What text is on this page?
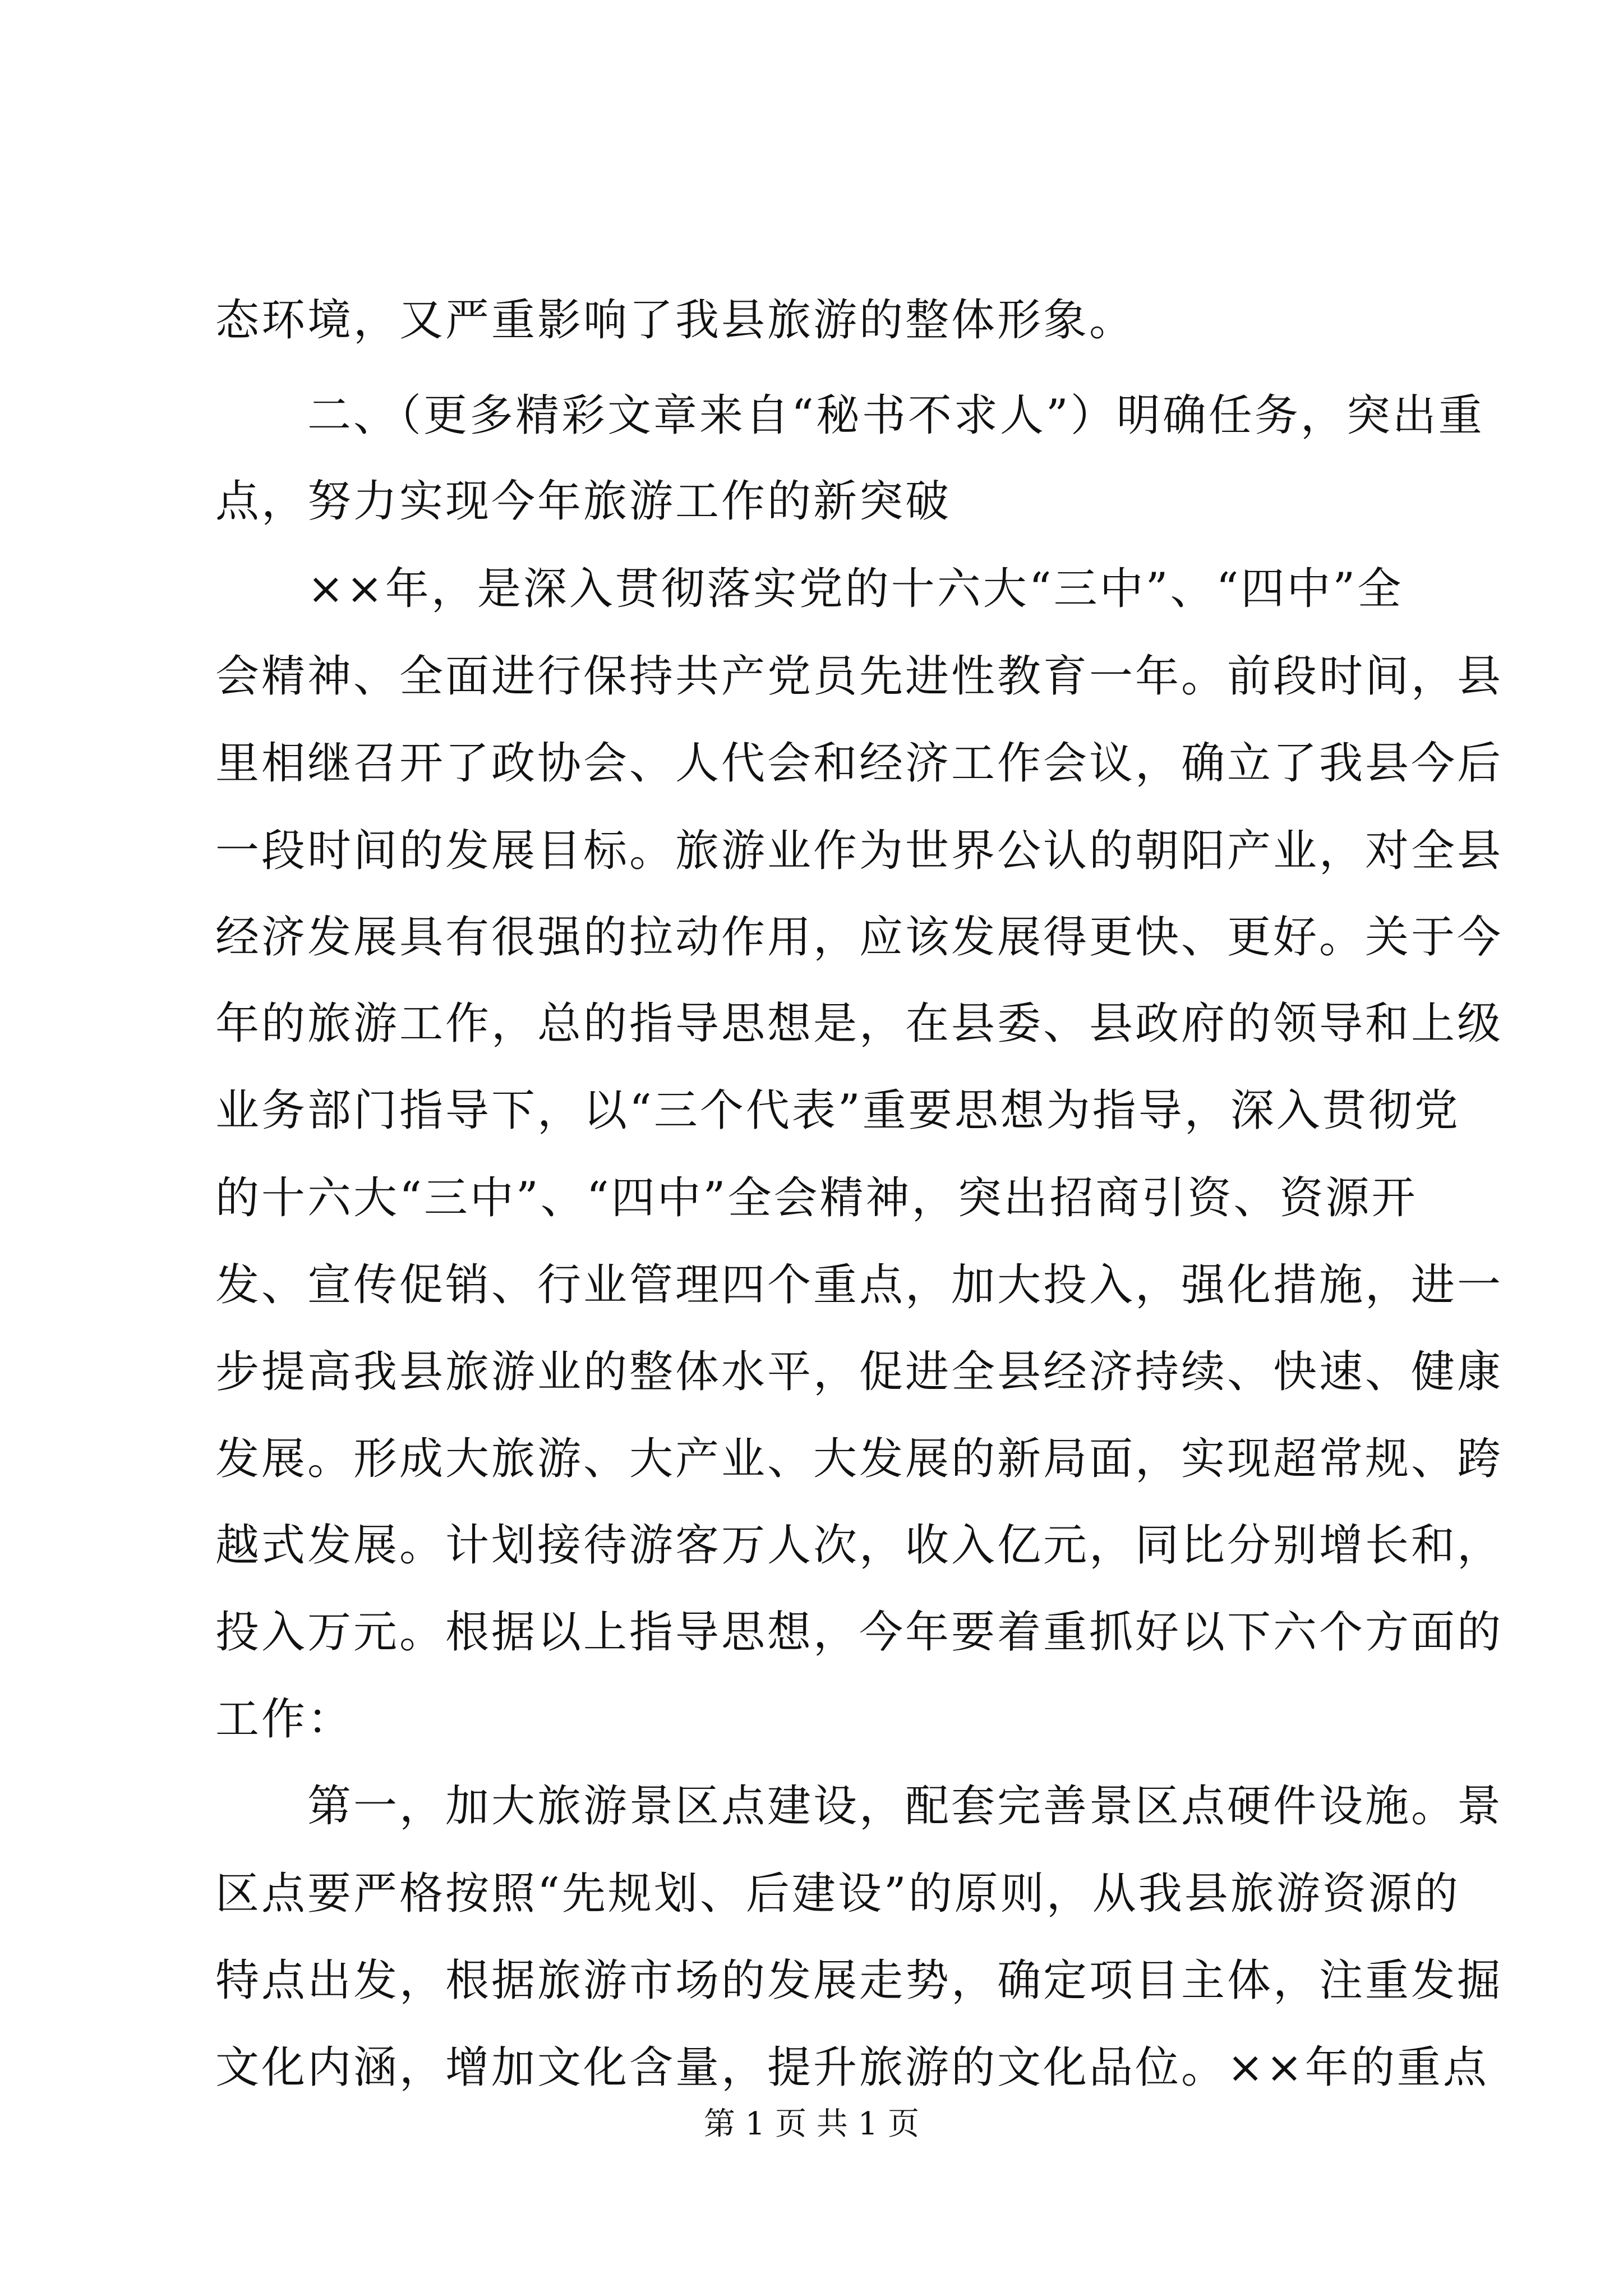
态环境，又严重影响了我县旅游的整体形象。
　　二、（更多精彩文章来自“秘书不求人”）明确任务，突出重
点，努力实现今年旅游工作的新突破
　　××年，是深入贯彻落实党的十六大“三中”、“四中”全
会精神、全面进行保持共产党员先进性教育一年。前段时间，县
里相继召开了政协会、人代会和经济工作会议，确立了我县今后
一段时间的发展目标。旅游业作为世界公认的朝阳产业，对全县
经济发展具有很强的拉动作用，应该发展得更快、更好。关于今
年的旅游工作，总的指导思想是，在县委、县政府的领导和上级
业务部门指导下，以“三个代表”重要思想为指导，深入贯彻党
的十六大“三中”、“四中”全会精神，突出招商引资、资源开
发、宣传促销、行业管理四个重点，加大投入，强化措施，进一
步提高我县旅游业的整体水平，促进全县经济持续、快速、健康
发展。形成大旅游、大产业、大发展的新局面，实现超常规、跨
越式发展。计划接待游客万人次，收入亿元，同比分别增长和，
投入万元。根据以上指导思想，今年要着重抓好以下六个方面的
工作：
　　第一，加大旅游景区点建设，配套完善景区点硬件设施。景
区点要严格按照“先规划、后建设”的原则，从我县旅游资源的
特点出发，根据旅游市场的发展走势，确定项目主体，注重发掘
文化内涵，增加文化含量，提升旅游的文化品位。××年的重点
第 1 页 共 1 页
